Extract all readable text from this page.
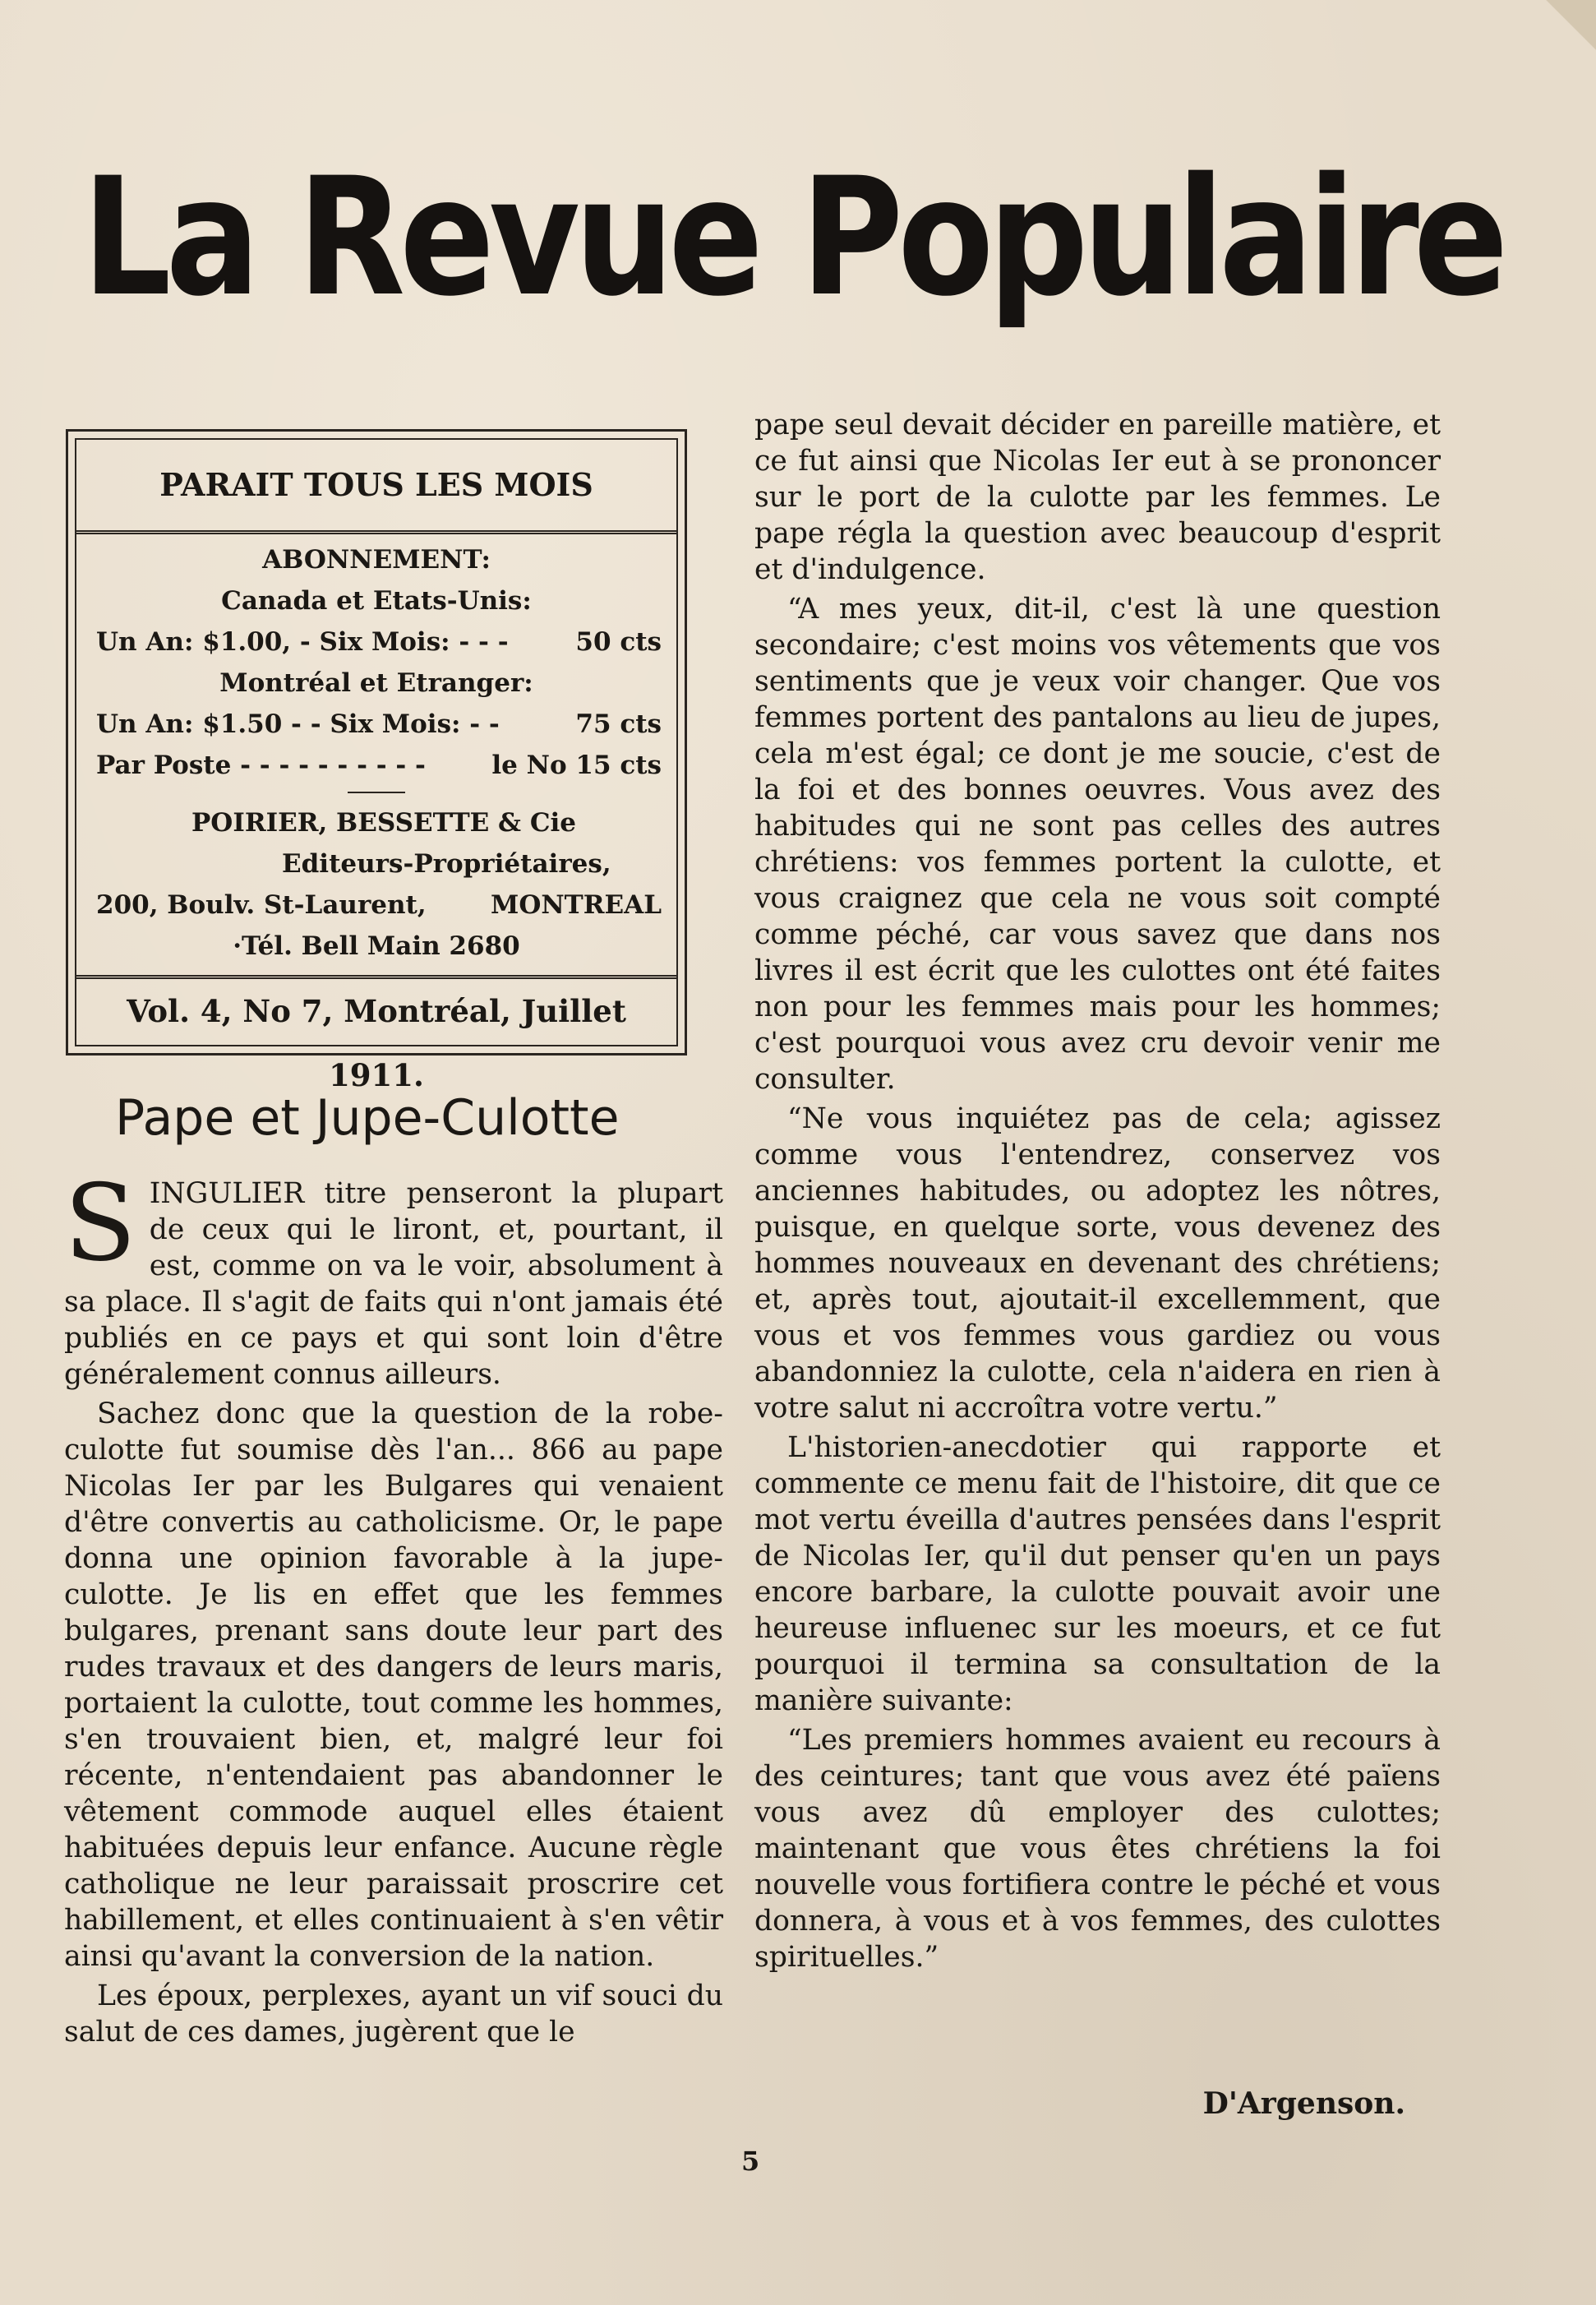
La Revue Populaire
PARAIT TOUS LES MOIS
ABONNEMENT:
Canada et Etats-Unis:
Un An: $1.00, - Six Mois: - - -	50 cts
Montréal et Etranger:
Un An: $1.50 - - Six Mois: - -	75 cts
Par Poste - - - - - - - - - -	le No 15 cts
POIRIER, BESSETTE & Cie
Editeurs-Propriétaires,
200, Boulv. St-Laurent,	MONTREAL
·Tél. Bell Main 2680
Vol. 4, No 7, Montréal, Juillet 1911.
Pape et Jupe-Culotte

SINGULIER titre penseront la plupart de ceux qui le liront, et, pourtant, il est, comme on va le voir, absolument à sa place. Il s'agit de faits qui n'ont jamais été publiés en ce pays et qui sont loin d'être généralement connus ailleurs.

Sachez donc que la question de la robe-culotte fut soumise dès l'an... 866 au pape Nicolas Ier par les Bulgares qui venaient d'être convertis au catholicisme. Or, le pape donna une opinion favorable à la jupe-culotte. Je lis en effet que les femmes bulgares, prenant sans doute leur part des rudes travaux et des dangers de leurs maris, portaient la culotte, tout comme les hommes, s'en trouvaient bien, et, malgré leur foi récente, n'entendaient pas abandonner le vêtement commode auquel elles étaient habituées depuis leur enfance. Aucune règle catholique ne leur paraissait proscrire cet habillement, et elles continuaient à s'en vêtir ainsi qu'avant la conversion de la nation.

Les époux, perplexes, ayant un vif souci du salut de ces dames, jugèrent que le

pape seul devait décider en pareille matière, et ce fut ainsi que Nicolas Ier eut à se prononcer sur le port de la culotte par les femmes. Le pape régla la question avec beaucoup d'esprit et d'indulgence.

“A mes yeux, dit-il, c'est là une question secondaire; c'est moins vos vêtements que vos sentiments que je veux voir changer. Que vos femmes portent des pantalons au lieu de jupes, cela m'est égal; ce dont je me soucie, c'est de la foi et des bonnes oeuvres. Vous avez des habitudes qui ne sont pas celles des autres chrétiens: vos femmes portent la culotte, et vous craignez que cela ne vous soit compté comme péché, car vous savez que dans nos livres il est écrit que les culottes ont été faites non pour les femmes mais pour les hommes; c'est pourquoi vous avez cru devoir venir me consulter.

“Ne vous inquiétez pas de cela; agissez comme vous l'entendrez, conservez vos anciennes habitudes, ou adoptez les nôtres, puisque, en quelque sorte, vous devenez des hommes nouveaux en devenant des chrétiens; et, après tout, ajoutait-il excellemment, que vous et vos femmes vous gardiez ou vous abandonniez la culotte, cela n'aidera en rien à votre salut ni accroîtra votre vertu.”

L'historien-anecdotier qui rapporte et commente ce menu fait de l'histoire, dit que ce mot vertu éveilla d'autres pensées dans l'esprit de Nicolas Ier, qu'il dut penser qu'en un pays encore barbare, la culotte pouvait avoir une heureuse influenec sur les moeurs, et ce fut pourquoi il termina sa consultation de la manière suivante:

“Les premiers hommes avaient eu recours à des ceintures; tant que vous avez été païens vous avez dû employer des culottes; maintenant que vous êtes chrétiens la foi nouvelle vous fortifiera contre le péché et vous donnera, à vous et à vos femmes, des culottes spirituelles.”

D'Argenson.
5
